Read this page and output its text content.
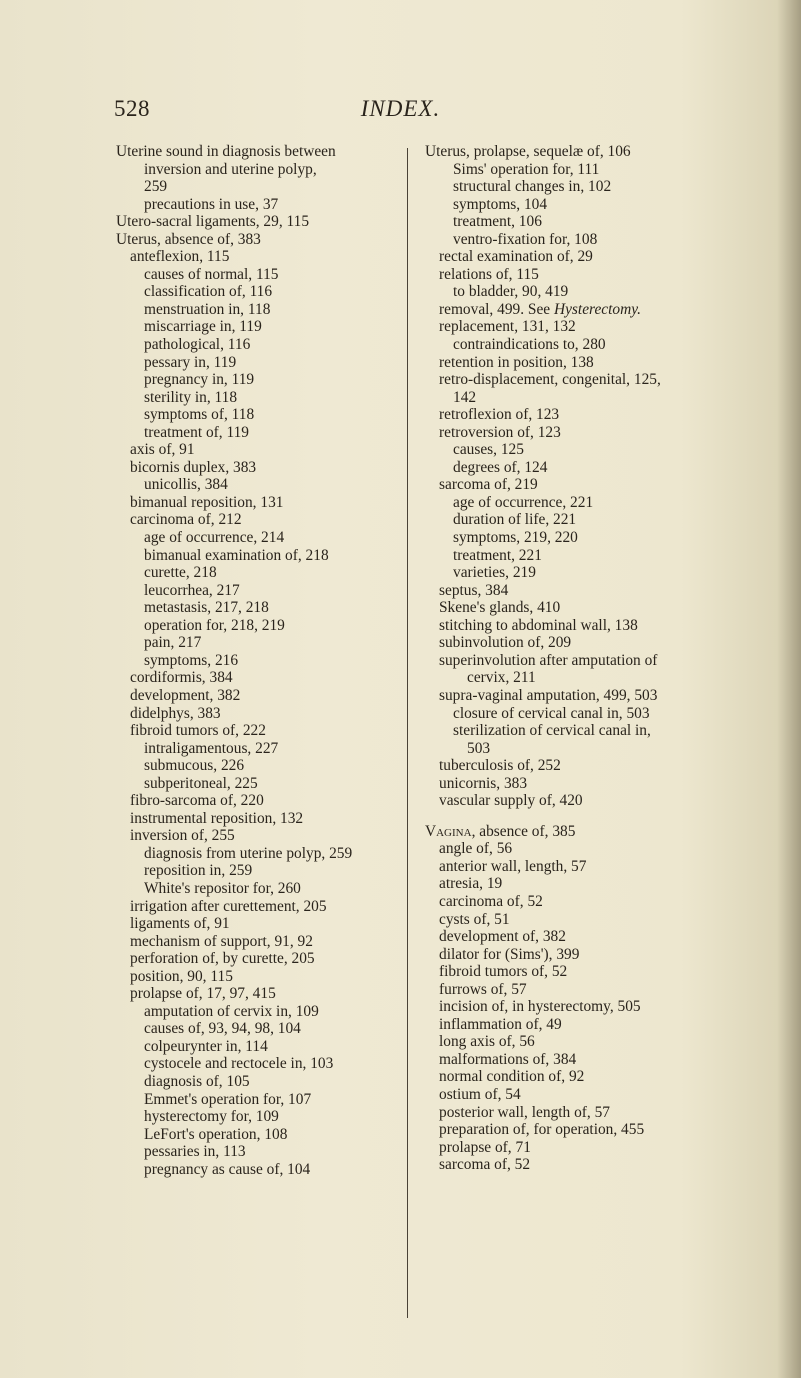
528	INDEX.
Uterine sound in diagnosis between
inversion and uterine polyp,
259
precautions in use, 37
Utero-sacral ligaments, 29, 115
Uterus, absence of, 383
anteflexion, 115
causes of normal, 115
classification of, 116
menstruation in, 118
miscarriage in, 119
pathological, 116
pessary in, 119
pregnancy in, 119
sterility in, 118
symptoms of, 118
treatment of, 119
axis of, 91
bicornis duplex, 383
unicollis, 384
bimanual reposition, 131
carcinoma of, 212
age of occurrence, 214
bimanual examination of, 218
curette, 218
leucorrhea, 217
metastasis, 217, 218
operation for, 218, 219
pain, 217
symptoms, 216
cordiformis, 384
development, 382
didelphys, 383
fibroid tumors of, 222
intraligamentous, 227
submucous, 226
subperitoneal, 225
fibro-sarcoma of, 220
instrumental reposition, 132
inversion of, 255
diagnosis from uterine polyp, 259
reposition in, 259
White's repositor for, 260
irrigation after curettement, 205
ligaments of, 91
mechanism of support, 91, 92
perforation of, by curette, 205
position, 90, 115
prolapse of, 17, 97, 415
amputation of cervix in, 109
causes of, 93, 94, 98, 104
colpeurynter in, 114
cystocele and rectocele in, 103
diagnosis of, 105
Emmet's operation for, 107
hysterectomy for, 109
LeFort's operation, 108
pessaries in, 113
pregnancy as cause of, 104
Uterus, prolapse, sequelæ of, 106
Sims' operation for, 111
structural changes in, 102
symptoms, 104
treatment, 106
ventro-fixation for, 108
rectal examination of, 29
relations of, 115
to bladder, 90, 419
removal, 499. See Hysterectomy.
replacement, 131, 132
contraindications to, 280
retention in position, 138
retro-displacement, congenital, 125,
142
retroflexion of, 123
retroversion of, 123
causes, 125
degrees of, 124
sarcoma of, 219
age of occurrence, 221
duration of life, 221
symptoms, 219, 220
treatment, 221
varieties, 219
septus, 384
Skene's glands, 410
stitching to abdominal wall, 138
subinvolution of, 209
superinvolution after amputation of
cervix, 211
supra-vaginal amputation, 499, 503
closure of cervical canal in, 503
sterilization of cervical canal in,
503
tuberculosis of, 252
unicornis, 383
vascular supply of, 420
Vagina, absence of, 385
angle of, 56
anterior wall, length, 57
atresia, 19
carcinoma of, 52
cysts of, 51
development of, 382
dilator for (Sims'), 399
fibroid tumors of, 52
furrows of, 57
incision of, in hysterectomy, 505
inflammation of, 49
long axis of, 56
malformations of, 384
normal condition of, 92
ostium of, 54
posterior wall, length of, 57
preparation of, for operation, 455
prolapse of, 71
sarcoma of, 52
